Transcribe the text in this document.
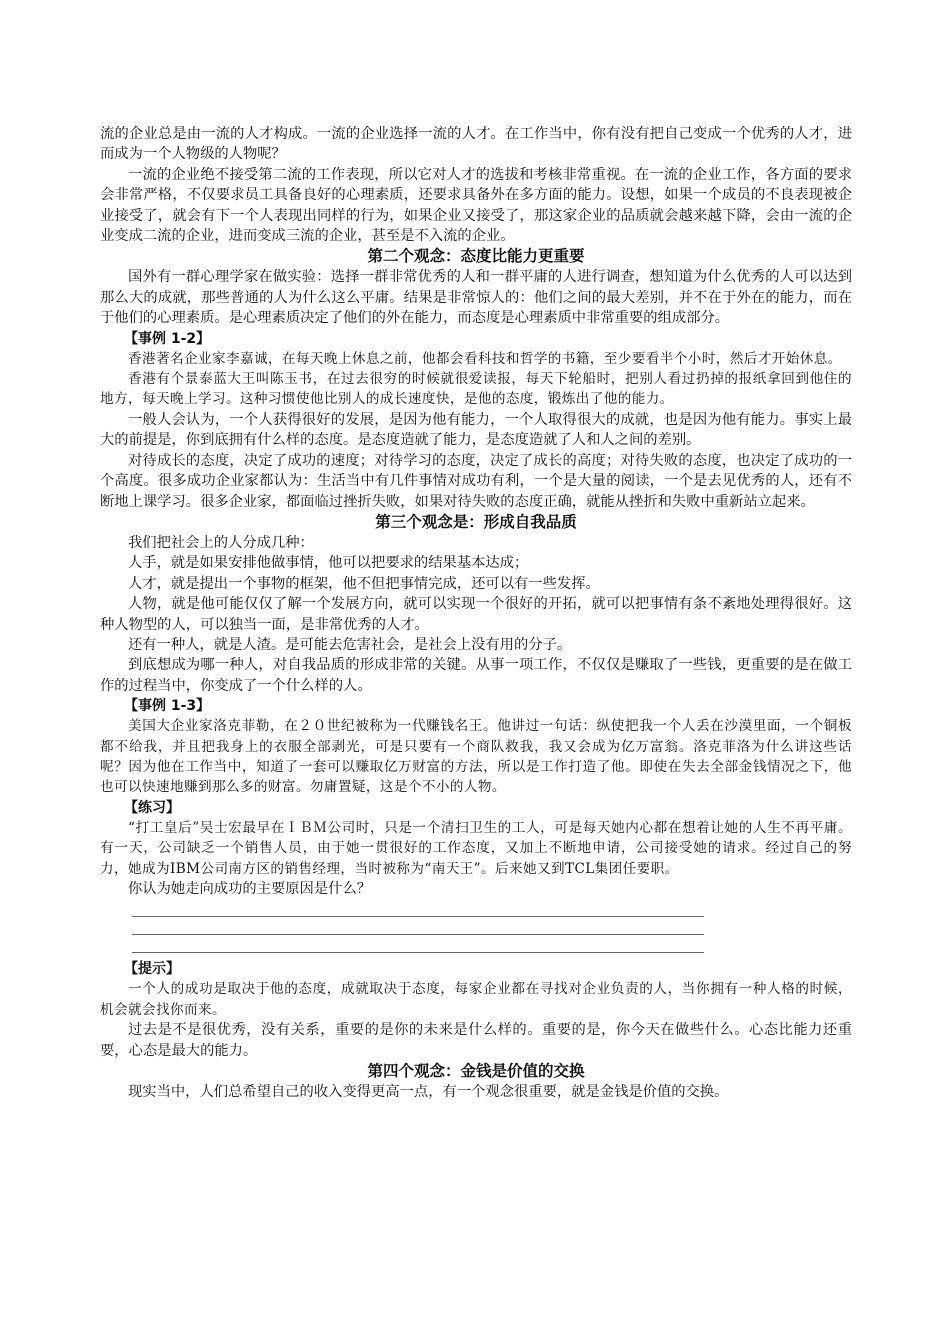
流的企业总是由一流的人才构成。一流的企业选择一流的人才。在工作当中，你有没有把自己变成一个优秀的人才，进而成为一个人物级的人物呢？

一流的企业绝不接受第二流的工作表现，所以它对人才的选拔和考核非常重视。在一流的企业工作，各方面的要求会非常严格，不仅要求员工具备良好的心理素质，还要求具备外在多方面的能力。设想，如果一个成员的不良表现被企业接受了，就会有下一个人表现出同样的行为，如果企业又接受了，那这家企业的品质就会越来越下降，会由一流的企业变成二流的企业，进而变成三流的企业，甚至是不入流的企业。

第二个观念：态度比能力更重要

国外有一群心理学家在做实验：选择一群非常优秀的人和一群平庸的人进行调查，想知道为什么优秀的人可以达到那么大的成就，那些普通的人为什么这么平庸。结果是非常惊人的：他们之间的最大差别，并不在于外在的能力，而在于他们的心理素质。是心理素质决定了他们的外在能力，而态度是心理素质中非常重要的组成部分。

【事例 1-2】

香港著名企业家李嘉诚，在每天晚上休息之前，他都会看科技和哲学的书籍，至少要看半个小时，然后才开始休息。

香港有个景泰蓝大王叫陈玉书，在过去很穷的时候就很爱读报，每天下轮船时，把别人看过扔掉的报纸拿回到他住的地方，每天晚上学习。这种习惯使他比别人的成长速度快，是他的态度，锻炼出了他的能力。

一般人会认为，一个人获得很好的发展，是因为他有能力，一个人取得很大的成就，也是因为他有能力。事实上最大的前提是，你到底拥有什么样的态度。是态度造就了能力，是态度造就了人和人之间的差别。

对待成长的态度，决定了成功的速度；对待学习的态度，决定了成长的高度；对待失败的态度，也决定了成功的一个高度。很多成功企业家都认为：生活当中有几件事情对成功有利，一个是大量的阅读，一个是去见优秀的人，还有不断地上课学习。很多企业家，都面临过挫折失败，如果对待失败的态度正确，就能从挫折和失败中重新站立起来。

第三个观念是：形成自我品质

我们把社会上的人分成几种：

人手，就是如果安排他做事情，他可以把要求的结果基本达成；

人才，就是提出一个事物的框架，他不但把事情完成，还可以有一些发挥。

人物，就是他可能仅仅了解一个发展方向，就可以实现一个很好的开拓，就可以把事情有条不紊地处理得很好。这种人物型的人，可以独当一面，是非常优秀的人才。

还有一种人，就是人渣。是可能去危害社会，是社会上没有用的分子。

到底想成为哪一种人，对自我品质的形成非常的关键。从事一项工作，不仅仅是赚取了一些钱，更重要的是在做工作的过程当中，你变成了一个什么样的人。

【事例 1-3】

美国大企业家洛克菲勒，在２０世纪被称为一代赚钱名王。他讲过一句话：纵使把我一个人丢在沙漠里面，一个铜板都不给我，并且把我身上的衣服全部剥光，可是只要有一个商队救我，我又会成为亿万富翁。洛克菲洛为什么讲这些话呢？因为他在工作当中，知道了一套可以赚取亿万财富的方法，所以是工作打造了他。即使在失去全部金钱情况之下，他也可以快速地赚到那么多的财富。勿庸置疑，这是个不小的人物。

【练习】

“打工皇后”吴士宏最早在ＩＢＭ公司时，只是一个清扫卫生的工人，可是每天她内心都在想着让她的人生不再平庸。有一天，公司缺乏一个销售人员，由于她一贯很好的工作态度，又加上不断地申请，公司接受她的请求。经过自己的努力，她成为IBM公司南方区的销售经理，当时被称为“南天王”。后来她又到TCL集团任要职。

你认为她走向成功的主要原因是什么？

【提示】

一个人的成功是取决于他的态度，成就取决于态度，每家企业都在寻找对企业负责的人，当你拥有一种人格的时候，机会就会找你而来。

过去是不是很优秀，没有关系，重要的是你的未来是什么样的。重要的是，你今天在做些什么。心态比能力还重要，心态是最大的能力。

第四个观念：金钱是价值的交换

现实当中，人们总希望自己的收入变得更高一点，有一个观念很重要，就是金钱是价值的交换。
